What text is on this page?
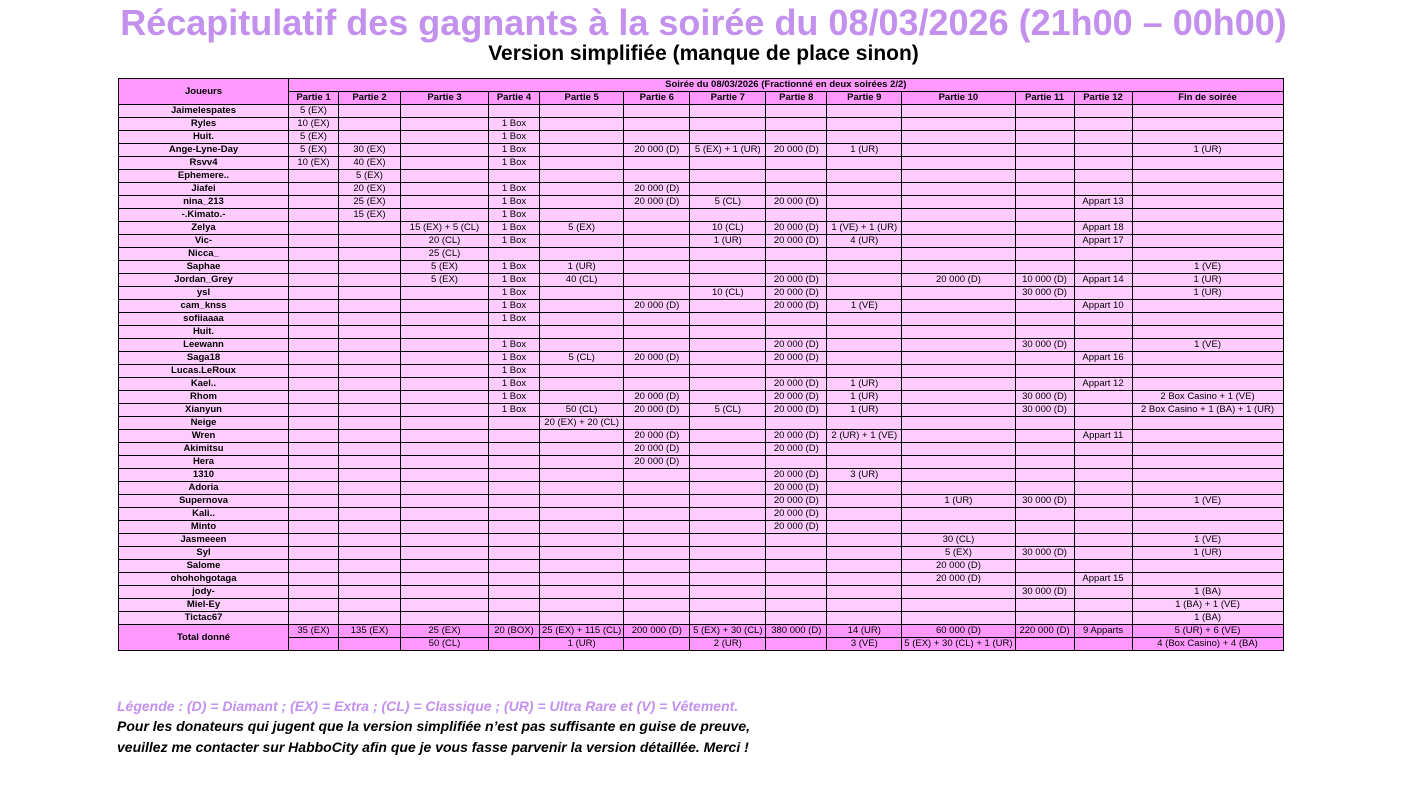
Récapitulatif des gagnants à la soirée du 08/03/2026 (21h00 – 00h00)
Version simplifiée (manque de place sinon)
Joueurs	Soirée du 08/03/2026 (Fractionné en deux soirées 2/2)												
	Partie 1	Partie 2	Partie 3	Partie 4	Partie 5	Partie 6	Partie 7	Partie 8	Partie 9	Partie 10	Partie 11	Partie 12	Fin de soirée
Jaimelespates	5 (EX)												
Ryles	10 (EX)			1 Box									
Huit.	5 (EX)			1 Box									
Ange-Lyne-Day	5 (EX)	30 (EX)		1 Box		20 000 (D)	5 (EX) + 1 (UR)	20 000 (D)	1 (UR)				1 (UR)
Rsvv4	10 (EX)	40 (EX)		1 Box									
Ephemere..		5 (EX)											
Jiafei		20 (EX)		1 Box		20 000 (D)							
nina_213		25 (EX)		1 Box		20 000 (D)	5 (CL)	20 000 (D)				Appart 13	
-.Kimato.-		15 (EX)		1 Box									
Zelya			15 (EX) + 5 (CL)	1 Box	5 (EX)		10 (CL)	20 000 (D)	1 (VE) + 1 (UR)			Appart 18	
Vic-			20 (CL)	1 Box			1 (UR)	20 000 (D)	4 (UR)			Appart 17	
Nicca_			25 (CL)										
Saphae			5 (EX)	1 Box	1 (UR)								1 (VE)
Jordan_Grey			5 (EX)	1 Box	40 (CL)			20 000 (D)		20 000 (D)	10 000 (D)	Appart 14	1 (UR)
ysl				1 Box			10 (CL)	20 000 (D)			30 000 (D)		1 (UR)
cam_knss				1 Box		20 000 (D)		20 000 (D)	1 (VE)			Appart 10	
sofiiaaaa				1 Box									
Huit.													
Leewann				1 Box				20 000 (D)			30 000 (D)		1 (VE)
Saga18				1 Box	5 (CL)	20 000 (D)		20 000 (D)				Appart 16	
Lucas.LeRoux				1 Box									
Kael..				1 Box				20 000 (D)	1 (UR)			Appart 12	
Rhom				1 Box		20 000 (D)		20 000 (D)	1 (UR)		30 000 (D)		2 Box Casino + 1 (VE)
Xianyun				1 Box	50 (CL)	20 000 (D)	5 (CL)	20 000 (D)	1 (UR)		30 000 (D)		2 Box Casino + 1 (BA) + 1 (UR)
Neige					20 (EX) + 20 (CL)								
Wren						20 000 (D)		20 000 (D)	2 (UR) + 1 (VE)			Appart 11	
Akimitsu						20 000 (D)		20 000 (D)					
Hera						20 000 (D)							
1310								20 000 (D)	3 (UR)				
Adoria								20 000 (D)					
Supernova								20 000 (D)		1 (UR)	30 000 (D)		1 (VE)
Kali..								20 000 (D)					
Minto								20 000 (D)					
Jasmeeen										30 (CL)			1 (VE)
Syl										5 (EX)	30 000 (D)		1 (UR)
Salome										20 000 (D)			
ohohohgotaga										20 000 (D)		Appart 15	
jody-											30 000 (D)		1 (BA)
Miel-Ey													1 (BA) + 1 (VE)
Tictac67													1 (BA)
Total donné	35 (EX)	135 (EX)	25 (EX)	20 (BOX)	25 (EX) + 115 (CL)	200 000 (D)	5 (EX) + 30 (CL)	380 000 (D)	14 (UR)	60 000 (D)	220 000 (D)	9 Apparts	5 (UR) + 6 (VE)
			50 (CL)		1 (UR)		2 (UR)		3 (VE)	5 (EX) + 30 (CL) + 1 (UR)			4 (Box Casino) + 4 (BA)
Légende : (D) = Diamant ; (EX) = Extra ; (CL) = Classique ; (UR) = Ultra Rare et (V) = Vêtement.
Pour les donateurs qui jugent que la version simplifiée n’est pas suffisante en guise de preuve,
veuillez me contacter sur HabboCity afin que je vous fasse parvenir la version détaillée. Merci !
